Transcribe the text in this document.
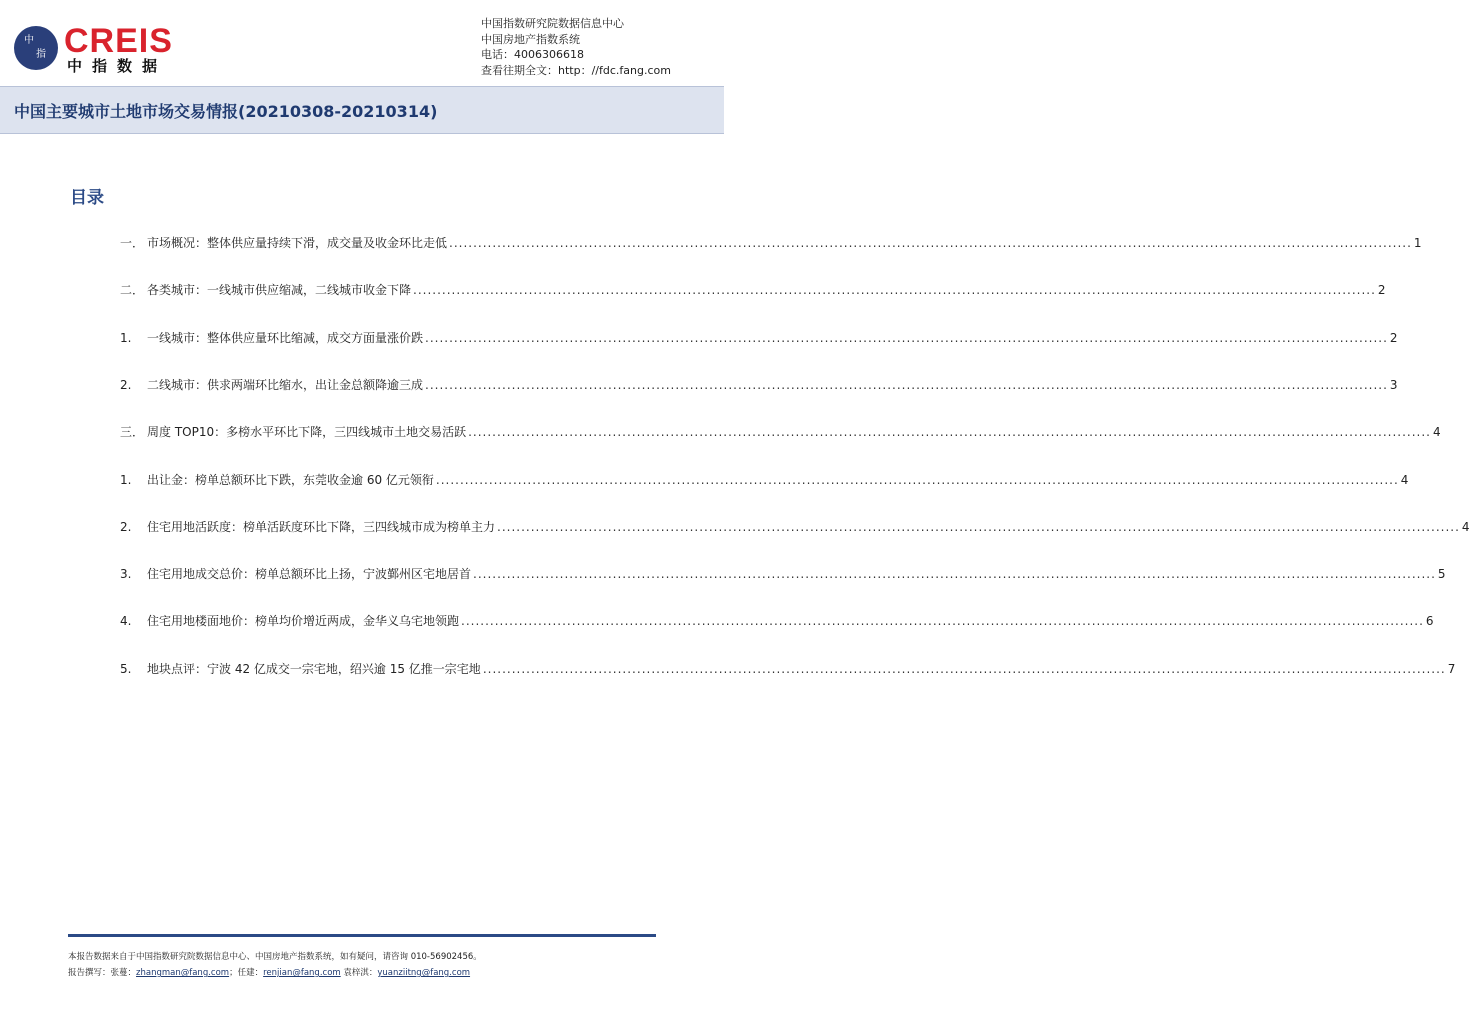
中
指 CREIS
中指数据
中国指数研究院数据信息中心
中国房地产指数系统
电话：4006306618
查看往期全文：http：//fdc.fang.com
中国主要城市土地市场交易情报(20210308-20210314)
目录
一． 市场概况：整体供应量持续下滑，成交量及收金环比走低 ........................................................................................................................................................................................................ 1
二． 各类城市：一线城市供应缩减，二线城市收金下降 ........................................................................................................................................................................................................ 2
1.	一线城市：整体供应量环比缩减，成交方面量涨价跌 ........................................................................................................................................................................................................ 2
2.	二线城市：供求两端环比缩水，出让金总额降逾三成 ........................................................................................................................................................................................................ 3
三． 周度 TOP10：多榜水平环比下降，三四线城市土地交易活跃 ........................................................................................................................................................................................................ 4
1.	出让金：榜单总额环比下跌，东莞收金逾 60 亿元领衔 ........................................................................................................................................................................................................ 4
2.	住宅用地活跃度：榜单活跃度环比下降，三四线城市成为榜单主力 ........................................................................................................................................................................................................ 4
3.	住宅用地成交总价：榜单总额环比上扬，宁波鄞州区宅地居首 ........................................................................................................................................................................................................ 5
4.	住宅用地楼面地价：榜单均价增近两成，金华义乌宅地领跑 ........................................................................................................................................................................................................ 6
5.	地块点评：宁波 42 亿成交一宗宅地，绍兴逾 15 亿推一宗宅地 ........................................................................................................................................................................................................ 7
本报告数据来自于中国指数研究院数据信息中心、中国房地产指数系统，如有疑问，请咨询 010-56902456。
报告撰写：张蔓：zhangman@fang.com；任建：renjian@fang.com 袁梓淇：yuanziitng@fang.com
